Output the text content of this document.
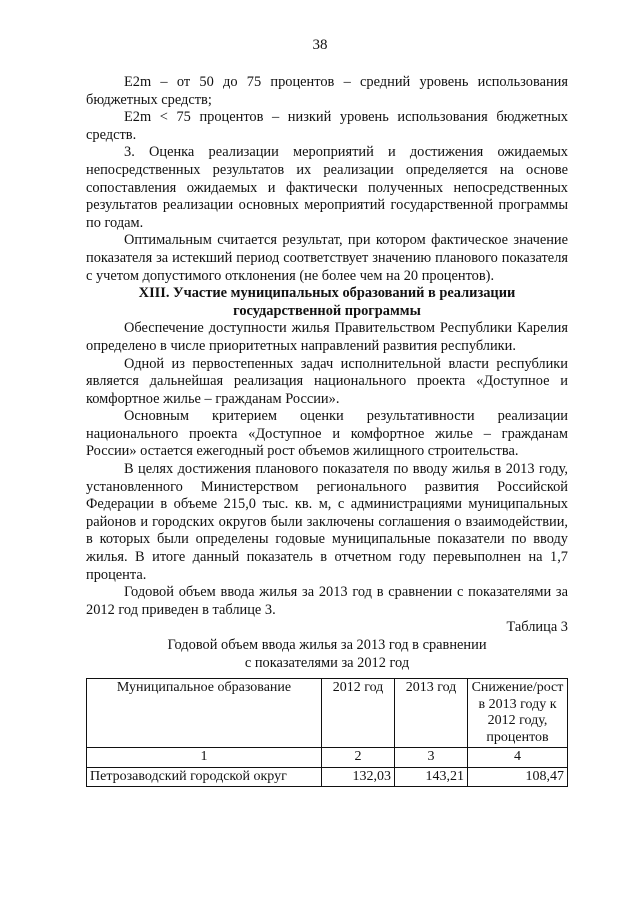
38

E2m – от 50 до 75 процентов – средний уровень использования бюджетных средств;

E2m < 75 процентов – низкий уровень использования бюджетных средств.

3. Оценка реализации мероприятий и достижения ожидаемых непосредственных результатов их реализации определяется на основе сопоставления ожидаемых и фактически полученных непосредственных результатов реализации основных мероприятий государственной программы по годам.

Оптимальным считается результат, при котором фактическое значение показателя за истекший период соответствует значению планового показателя с учетом допустимого отклонения (не более чем на 20 процентов).

XIII. Участие муниципальных образований в реализации
государственной программы

Обеспечение доступности жилья Правительством Республики Карелия определено в числе приоритетных направлений развития республики.

Одной из первостепенных задач исполнительной власти республики является дальнейшая реализация национального проекта «Доступное и комфортное жилье – гражданам России».

Основным критерием оценки результативности реализации национального проекта «Доступное и комфортное жилье – гражданам России» остается ежегодный рост объемов жилищного строительства.

В целях достижения планового показателя по вводу жилья в 2013 году, установленного Министерством регионального развития Российской Федерации в объеме 215,0 тыс. кв. м, с администрациями муниципальных районов и городских округов были заключены соглашения о взаимодействии, в которых были определены годовые муниципальные показатели по вводу жилья. В итоге данный показатель в отчетном году перевыполнен на 1,7 процента.

Годовой объем ввода жилья за 2013 год в сравнении с показателями за 2012 год приведен в таблице 3.

Таблица 3

Годовой объем ввода жилья за 2013 год в сравнении
с показателями за 2012 год

Муниципальное образование	2012 год	2013 год	Снижение/рост в 2013 году к 2012 году, процентов
1	2	3	4
Петрозаводский городской округ	132,03	143,21	108,47
